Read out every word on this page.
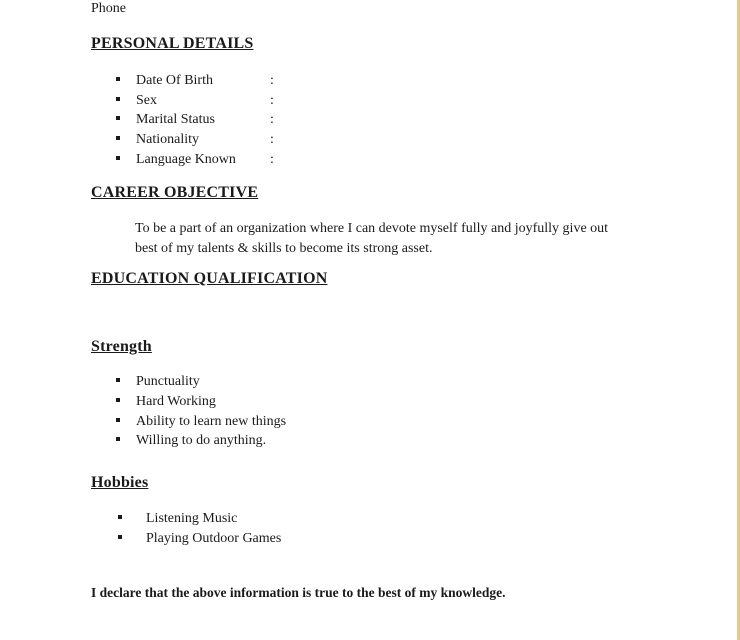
Phone
PERSONAL DETAILS
Date Of Birth	:
Sex	:
Marital Status	:
Nationality	:
Language Known :
CAREER OBJECTIVE
To be a part of an organization where I can devote myself fully and joyfully give out
best of my talents & skills to become its strong asset.
EDUCATION QUALIFICATION
Strength
Punctuality
Hard Working
Ability to learn new things
Willing to do anything.
Hobbies
Listening Music
Playing Outdoor Games
I declare that the above information is true to the best of my knowledge.
